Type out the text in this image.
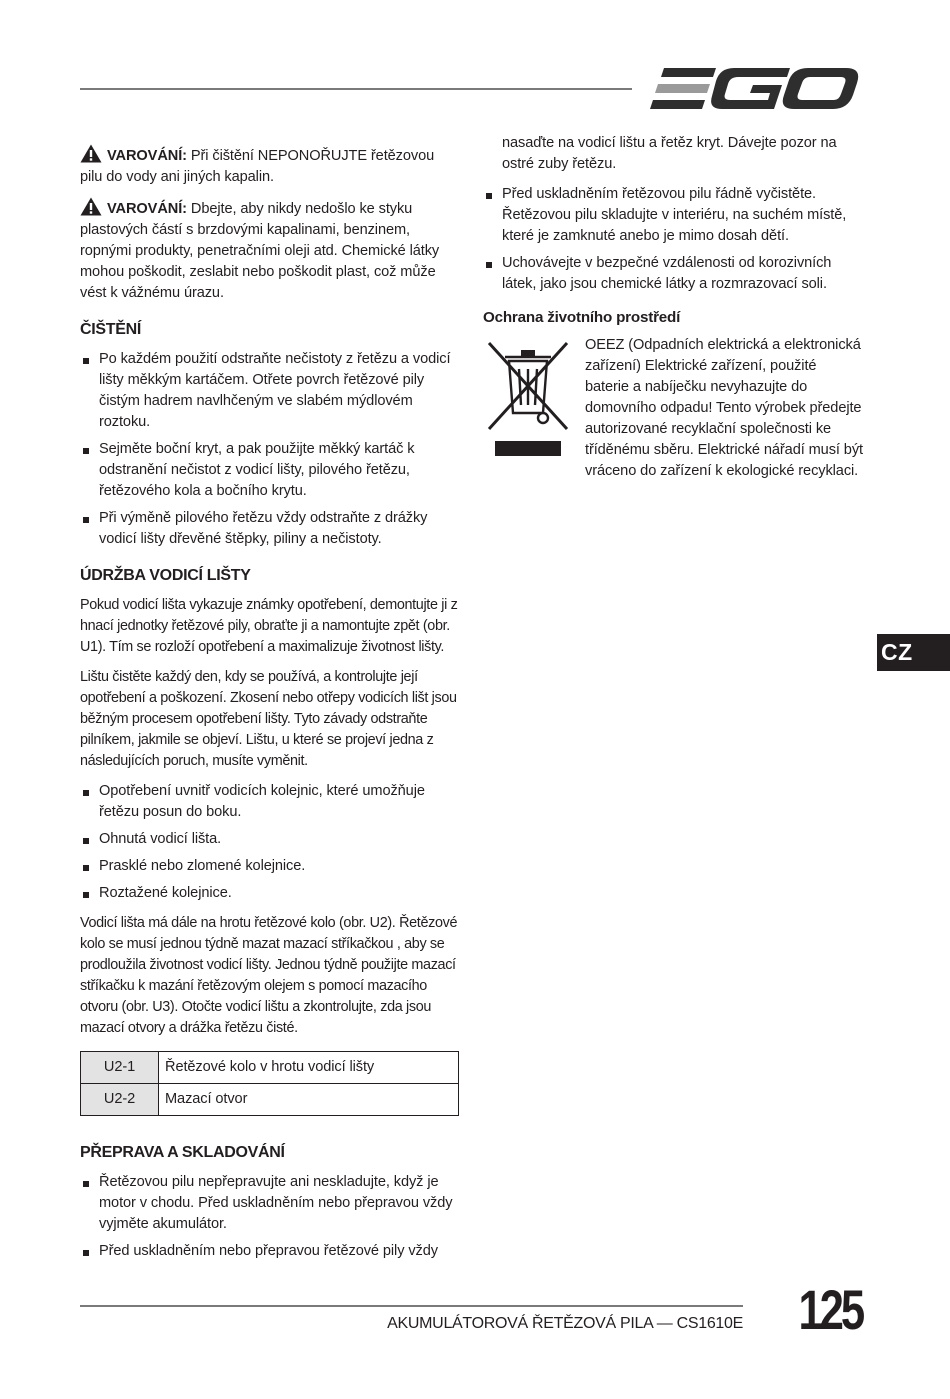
VAROVÁNÍ: Při čištění NEPONOŘUJTE řetězovou pilu do vody ani jiných kapalin.

VAROVÁNÍ: Dbejte, aby nikdy nedošlo ke styku plastových částí s brzdovými kapalinami, benzinem, ropnými produkty, penetračními oleji atd. Chemické látky mohou poškodit, zeslabit nebo poškodit plast, což může vést k vážnému úrazu.

ČIŠTĚNÍ
Po každém použití odstraňte nečistoty z řetězu a vodicí lišty měkkým kartáčem. Otřete povrch řetězové pily čistým hadrem navlhčeným ve slabém mýdlovém roztoku.
Sejměte boční kryt, a pak použijte měkký kartáč k odstranění nečistot z vodicí lišty, pilového řetězu, řetězového kola a bočního krytu.
Při výměně pilového řetězu vždy odstraňte z drážky vodicí lišty dřevěné štěpky, piliny a nečistoty.
ÚDRŽBA VODICÍ LIŠTY

Pokud vodicí lišta vykazuje známky opotřebení, demontujte ji z hnací jednotky řetězové pily, obraťte ji a namontujte zpět (obr. U1). Tím se rozloží opotřebení a maximalizuje životnost lišty.

Lištu čistěte každý den, kdy se používá, a kontrolujte její opotřebení a poškození. Zkosení nebo otřepy vodicích lišt jsou běžným procesem opotřebení lišty. Tyto závady odstraňte pilníkem, jakmile se objeví. Lištu, u které se projeví jedna z následujících poruch, musíte vyměnit.

Opotřebení uvnitř vodicích kolejnic, které umožňuje řetězu posun do boku.
Ohnutá vodicí lišta.
Prasklé nebo zlomené kolejnice.
Roztažené kolejnice.

Vodicí lišta má dále na hrotu řetězové kolo (obr. U2). Řetězové kolo se musí jednou týdně mazat mazací stříkačkou , aby se prodloužila životnost vodicí lišty. Jednou týdně použijte mazací stříkačku k mazání řetězovým olejem s pomocí mazacího otvoru (obr. U3). Otočte vodicí lištu a zkontrolujte, zda jsou mazací otvory a drážka řetězu čisté.

U2-1	Řetězové kolo v hrotu vodicí lišty
U2-2	Mazací otvor
PŘEPRAVA A SKLADOVÁNÍ
Řetězovou pilu nepřepravujte ani neskladujte, když je motor v chodu. Před uskladněním nebo přepravou vždy vyjměte akumulátor.
Před uskladněním nebo přepravou řetězové pily vždy

nasaďte na vodicí lištu a řetěz kryt. Dávejte pozor na ostré zuby řetězu.

Před uskladněním řetězovou pilu řádně vyčistěte. Řetězovou pilu skladujte v interiéru, na suchém místě, které je zamknuté anebo je mimo dosah dětí.
Uchovávejte v bezpečné vzdálenosti od korozivních látek, jako jsou chemické látky a rozmrazovací soli.
Ochrana životního prostředí
OEEZ (Odpadních elektrická a elektronická zařízení) Elektrické zařízení, použité baterie a nabíječku nevyhazujte do domovního odpadu! Tento výrobek předejte autorizované recyklační společnosti ke tříděnému sběru. Elektrické nářadí musí být vráceno do zařízení k ekologické recyklaci.
CZ
AKUMULÁTOROVÁ ŘETĚZOVÁ PILA — CS1610E 125
